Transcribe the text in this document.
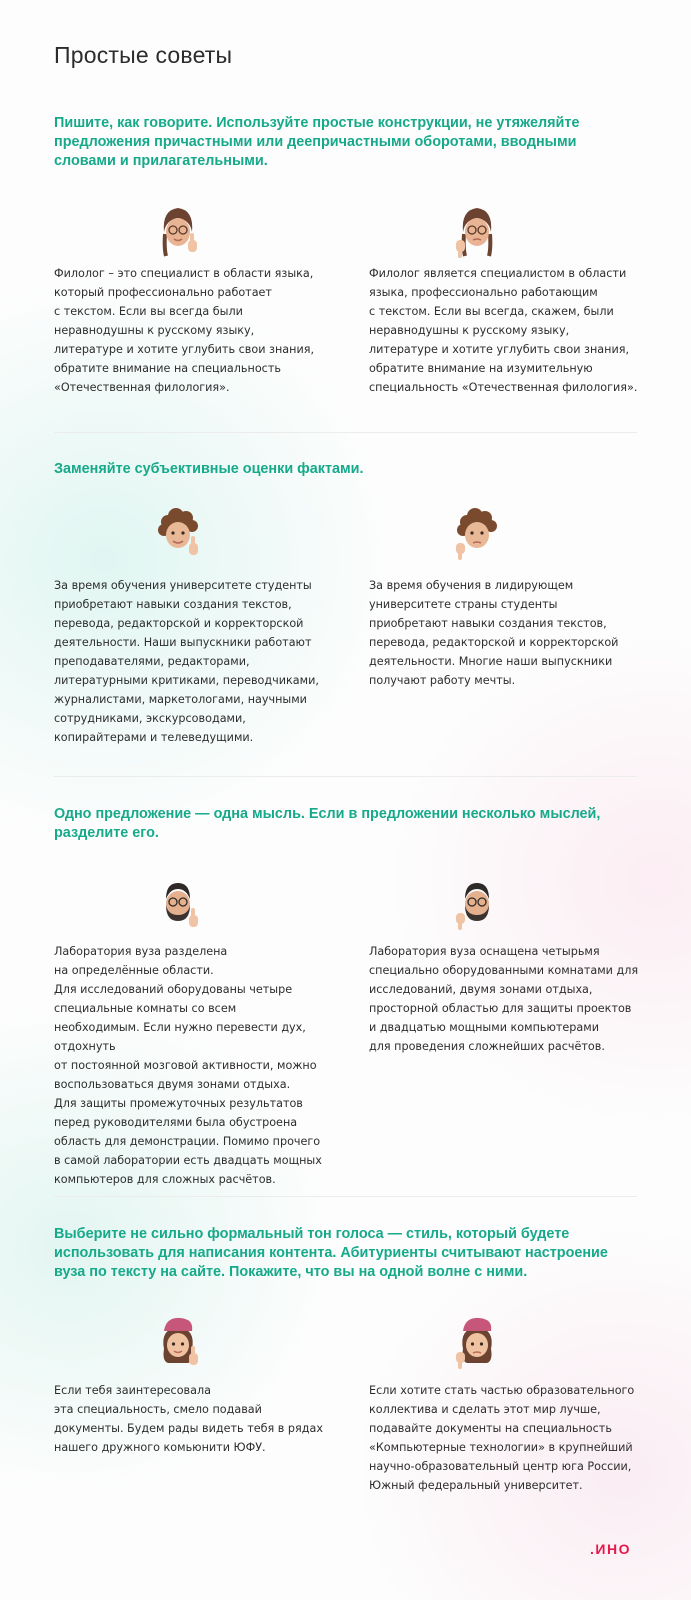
Простые советы
Пишите, как говорите. Используйте простые конструкции, не утяжеляйте предложения причастными или деепричастными оборотами, вводными словами и прилагательными.

Филолог – это специалист в области языка, который профессионально работает
с текстом. Если вы всегда были неравнодушны к русскому языку, литературе и хотите углубить свои знания, обратите внимание на специальность «Отечественная филология».

Филолог является специалистом в области языка, профессионально работающим
с текстом. Если вы всегда, скажем, были неравнодушны к русскому языку, литературе и хотите углубить свои знания, обратите внимание на изумительную специальность «Отечественная филология».

Заменяйте субъективные оценки фактами.

За время обучения университете студенты приобретают навыки создания текстов, перевода, редакторской и корректорской деятельности. Наши выпускники работают преподавателями, редакторами, литературными критиками, переводчиками, журналистами, маркетологами, научными сотрудниками, экскурсоводами, копирайтерами и телеведущими.

За время обучения в лидирующем университете страны студенты приобретают навыки создания текстов, перевода, редакторской и корректорской деятельности. Многие наши выпускники получают работу мечты.

Одно предложение — одна мысль. Если в предложении несколько мыслей, разделите его.

Лаборатория вуза разделена
на определённые области.
Для исследований оборудованы четыре специальные комнаты со всем необходимым. Если нужно перевести дух, отдохнуть
от постоянной мозговой активности, можно воспользоваться двумя зонами отдыха.
Для защиты промежуточных результатов перед руководителями была обустроена область для демонстрации. Помимо прочего в самой лаборатории есть двадцать мощных компьютеров для сложных расчётов.

Лаборатория вуза оснащена четырьмя специально оборудованными комнатами для исследований, двумя зонами отдыха, просторной областью для защиты проектов и двадцатью мощными компьютерами
для проведения сложнейших расчётов.

Выберите не сильно формальный тон голоса — стиль, который будете использовать для написания контента. Абитуриенты считывают настроение вуза по тексту на сайте. Покажите, что вы на одной волне с ними.

Если тебя заинтересовала
эта специальность, смело подавай документы. Будем рады видеть тебя в рядах нашего дружного комьюнити ЮФУ.

Если хотите стать частью образовательного коллектива и сделать этот мир лучше, подавайте документы на специальность «Компьютерные технологии» в крупнейший научно-образовательный центр юга России, Южный федеральный университет.

.ИНО
